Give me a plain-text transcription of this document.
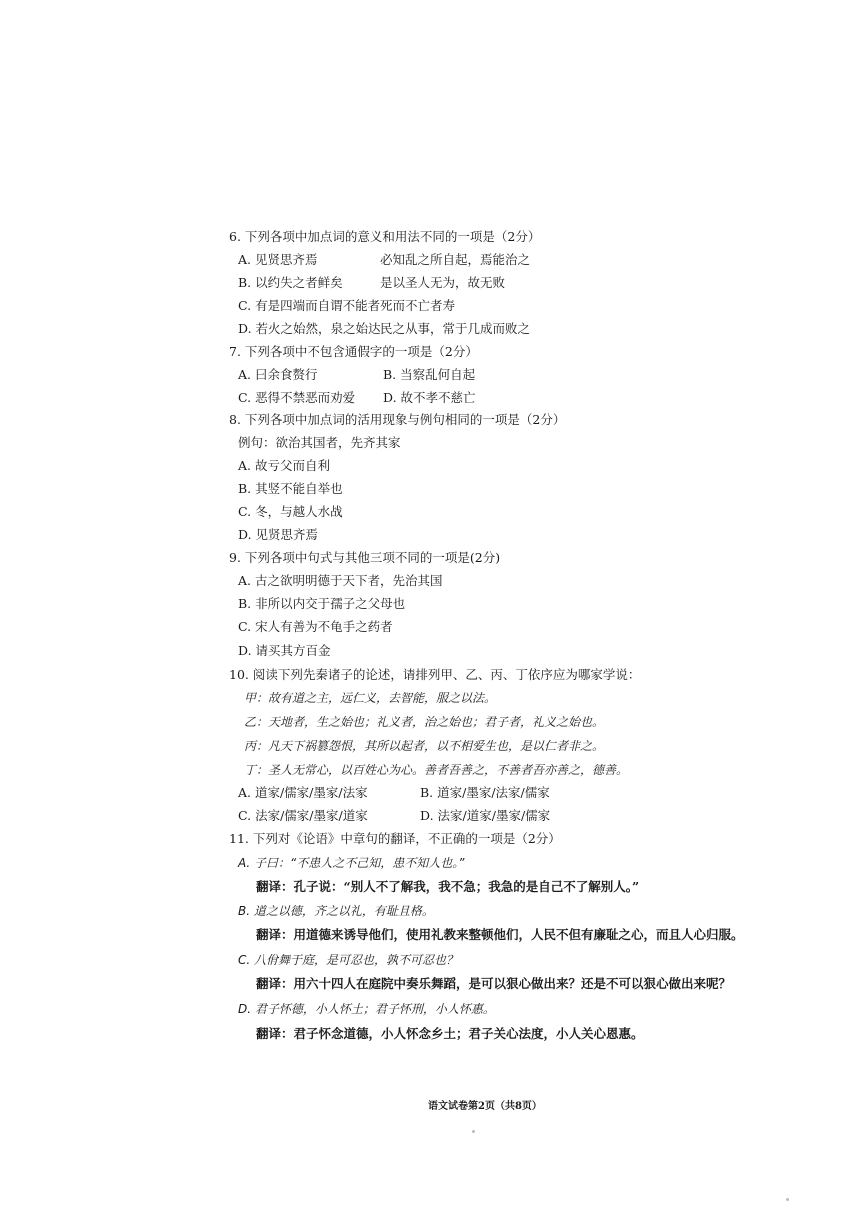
6. 下列各项中加点词的意义和用法不同的一项是（2分）
A. 见贤思齐焉	必知乱之所自起，焉能治之
B. 以约失之者鲜矣	是以圣人无为，故无败
C. 有是四端而自谓不能者 死而不亡者寿
D. 若火之始然，泉之始达 民之从事，常于几成而败之
7. 下列各项中不包含通假字的一项是（2分）
A. 曰余食赘行	B. 当察乱何自起
C. 恶得不禁恶而劝爱 D. 故不孝不慈亡
8. 下列各项中加点词的活用现象与例句相同的一项是（2分）
例句：欲治其国者，先齐其家
A. 故亏父而自利
B. 其竖不能自举也
C. 冬，与越人水战
D. 见贤思齐焉
9. 下列各项中句式与其他三项不同的一项是(2分)
A. 古之欲明明德于天下者，先治其国
B. 非所以内交于孺子之父母也
C. 宋人有善为不龟手之药者
D. 请买其方百金
10. 阅读下列先秦诸子的论述，请排列甲、乙、丙、丁依序应为哪家学说：
甲：故有道之主，远仁义，去智能，服之以法。
乙：天地者，生之始也；礼义者，治之始也；君子者，礼义之始也。
丙：凡天下祸篡怨恨，其所以起者，以不相爱生也，是以仁者非之。
丁：圣人无常心，以百姓心为心。善者吾善之，不善者吾亦善之，德善。
A. 道家/儒家/墨家/法家	B. 道家/墨家/法家/儒家
C. 法家/儒家/墨家/道家	D. 法家/道家/墨家/儒家
11. 下列对《论语》中章句的翻译，不正确的一项是（2分）
A. 子曰：“不患人之不己知，患不知人也。”
翻译：孔子说：“别人不了解我，我不急；我急的是自己不了解别人。”
B. 道之以德，齐之以礼，有耻且格。
翻译：用道德来诱导他们，使用礼教来整顿他们，人民不但有廉耻之心，而且人心归服。
C. 八佾舞于庭，是可忍也，孰不可忍也？
翻译：用六十四人在庭院中奏乐舞蹈，是可以狠心做出来？还是不可以狠心做出来呢？
D. 君子怀德，小人怀土；君子怀刑，小人怀惠。
翻译：君子怀念道德，小人怀念乡土；君子关心法度，小人关心恩惠。
语文试卷第2页（共8页）
